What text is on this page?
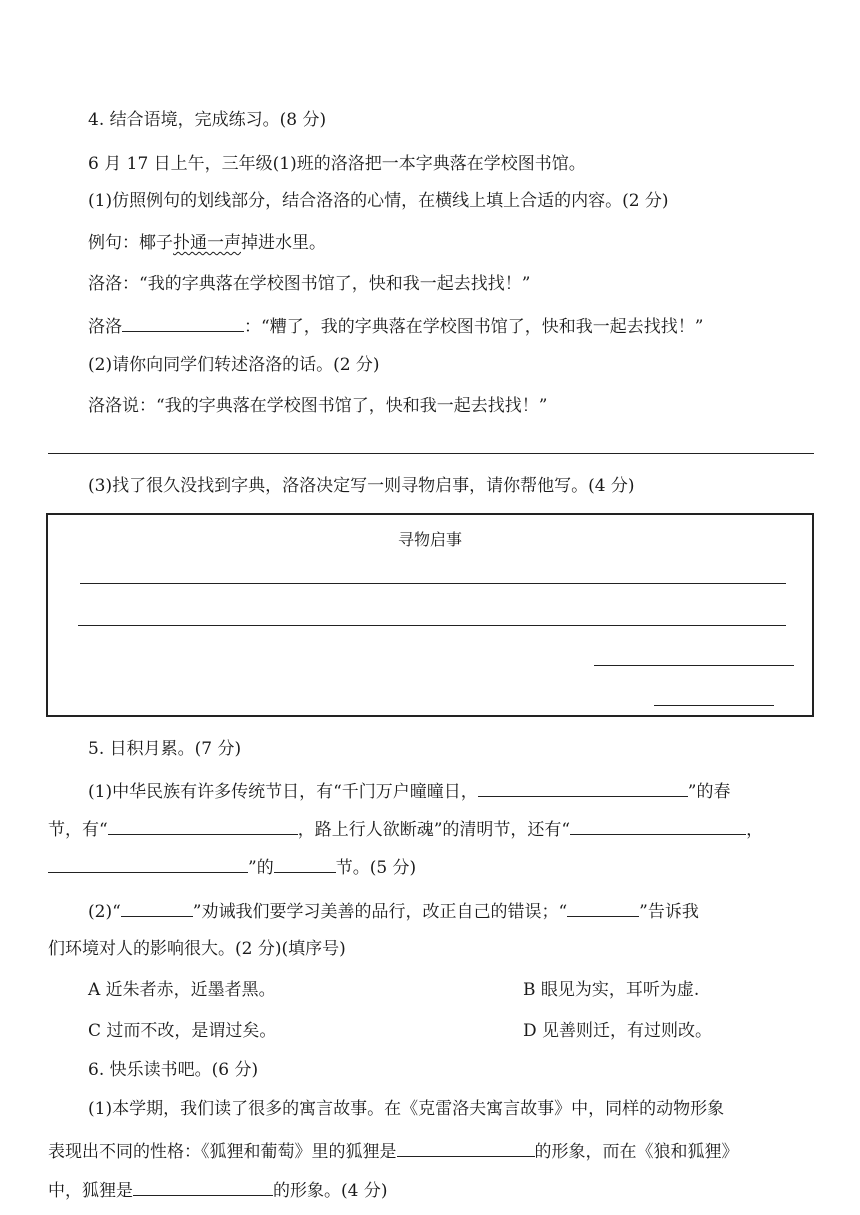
4. 结合语境，完成练习。(8 分)
6 月 17 日上午，三年级(1)班的洛洛把一本字典落在学校图书馆。
(1)仿照例句的划线部分，结合洛洛的心情，在横线上填上合适的内容。(2 分)
例句：椰子扑通一声掉进水里。
洛洛：“我的字典落在学校图书馆了，快和我一起去找找！”
洛洛	：“糟了，我的字典落在学校图书馆了，快和我一起去找找！”
(2)请你向同学们转述洛洛的话。(2 分)
洛洛说：“我的字典落在学校图书馆了，快和我一起去找找！”
(3)找了很久没找到字典，洛洛决定写一则寻物启事，请你帮他写。(4 分)
寻物启事
5. 日积月累。(7 分)
(1)中华民族有许多传统节日，有“千门万户曈曈日，	”的春
节，有“	，路上行人欲断魂”的清明节，还有“	，
”的	节。(5 分)
(2)“	”劝诫我们要学习美善的品行，改正自己的错误；“	”告诉我
们环境对人的影响很大。(2 分)(填序号)
A 近朱者赤，近墨者黑。	B 眼见为实，耳听为虚.
C 过而不改，是谓过矣。	D 见善则迁，有过则改。
6. 快乐读书吧。(6 分)
(1)本学期，我们读了很多的寓言故事。在《克雷洛夫寓言故事》中，同样的动物形象
表现出不同的性格：《狐狸和葡萄》里的狐狸是	的形象，而在《狼和狐狸》
中，狐狸是	的形象。(4 分)
